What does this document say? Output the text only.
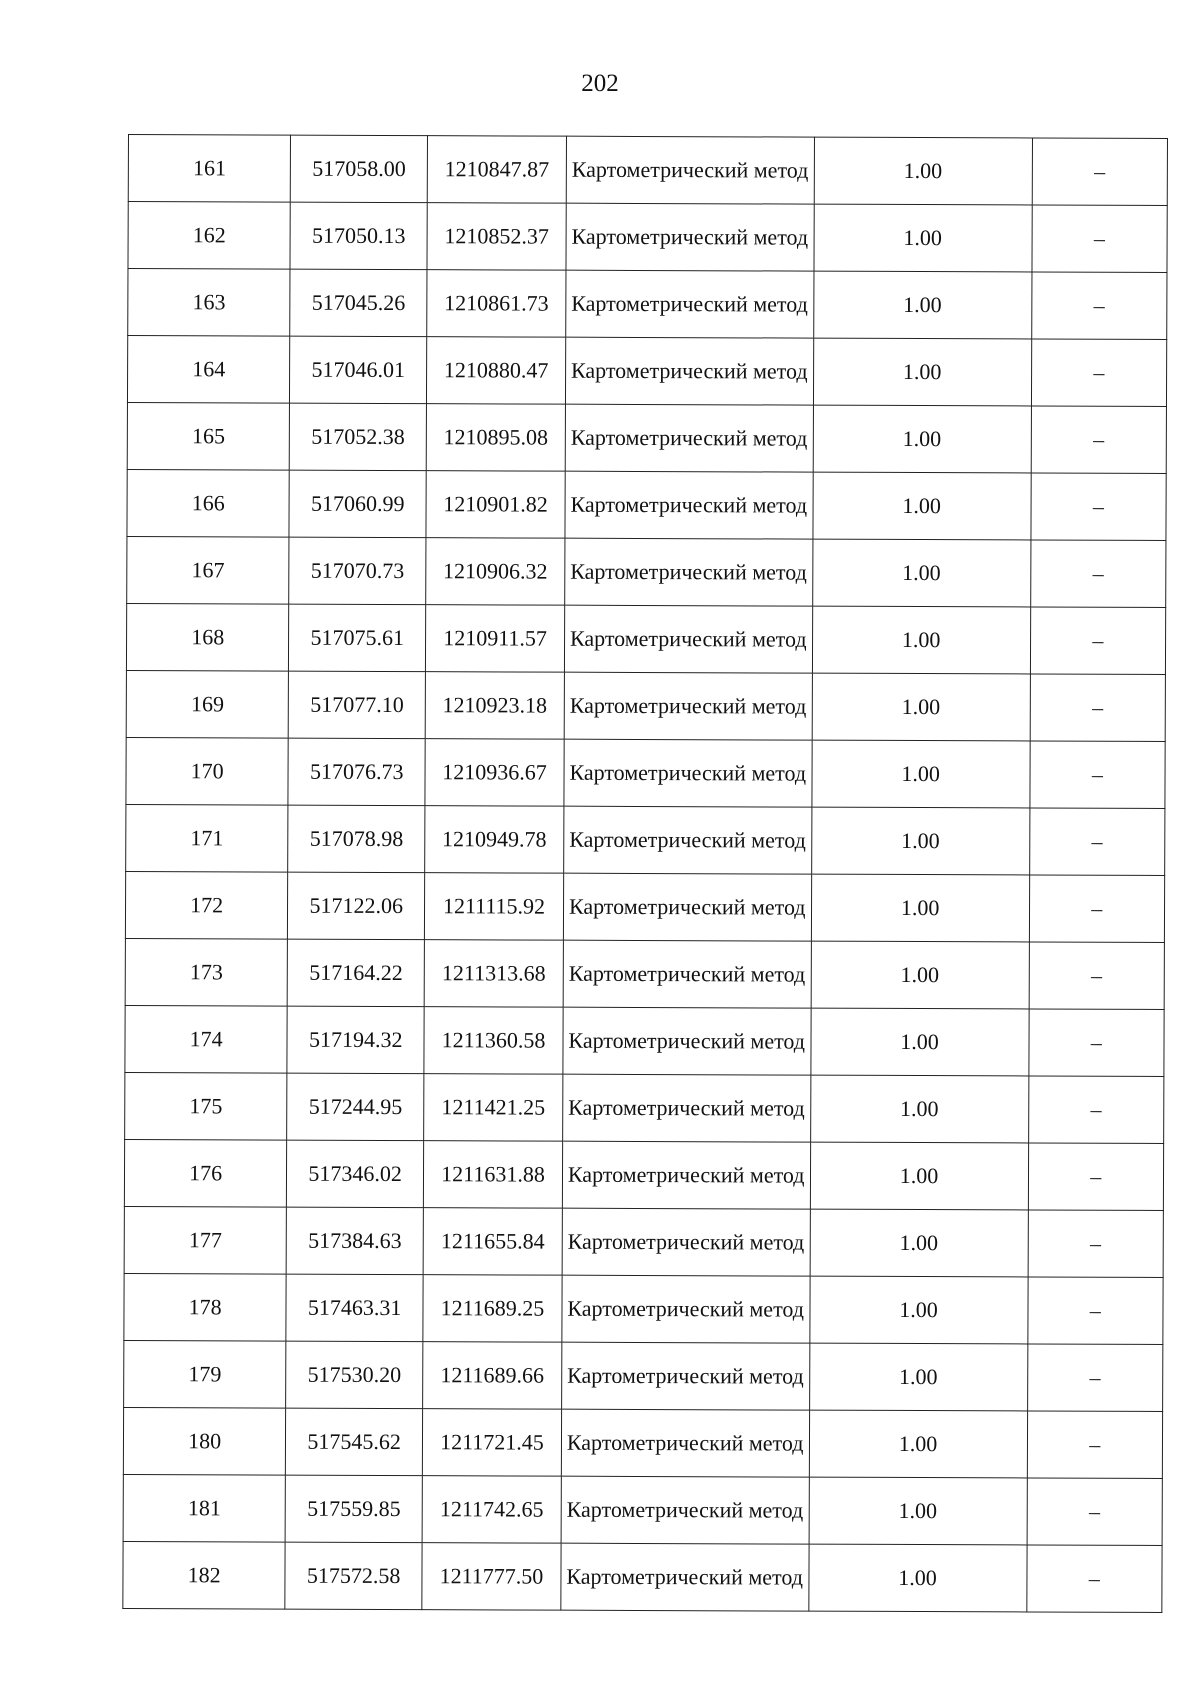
202
161	517058.00	1210847.87	Картометрический метод	1.00	–
162	517050.13	1210852.37	Картометрический метод	1.00	–
163	517045.26	1210861.73	Картометрический метод	1.00	–
164	517046.01	1210880.47	Картометрический метод	1.00	–
165	517052.38	1210895.08	Картометрический метод	1.00	–
166	517060.99	1210901.82	Картометрический метод	1.00	–
167	517070.73	1210906.32	Картометрический метод	1.00	–
168	517075.61	1210911.57	Картометрический метод	1.00	–
169	517077.10	1210923.18	Картометрический метод	1.00	–
170	517076.73	1210936.67	Картометрический метод	1.00	–
171	517078.98	1210949.78	Картометрический метод	1.00	–
172	517122.06	1211115.92	Картометрический метод	1.00	–
173	517164.22	1211313.68	Картометрический метод	1.00	–
174	517194.32	1211360.58	Картометрический метод	1.00	–
175	517244.95	1211421.25	Картометрический метод	1.00	–
176	517346.02	1211631.88	Картометрический метод	1.00	–
177	517384.63	1211655.84	Картометрический метод	1.00	–
178	517463.31	1211689.25	Картометрический метод	1.00	–
179	517530.20	1211689.66	Картометрический метод	1.00	–
180	517545.62	1211721.45	Картометрический метод	1.00	–
181	517559.85	1211742.65	Картометрический метод	1.00	–
182	517572.58	1211777.50	Картометрический метод	1.00	–
